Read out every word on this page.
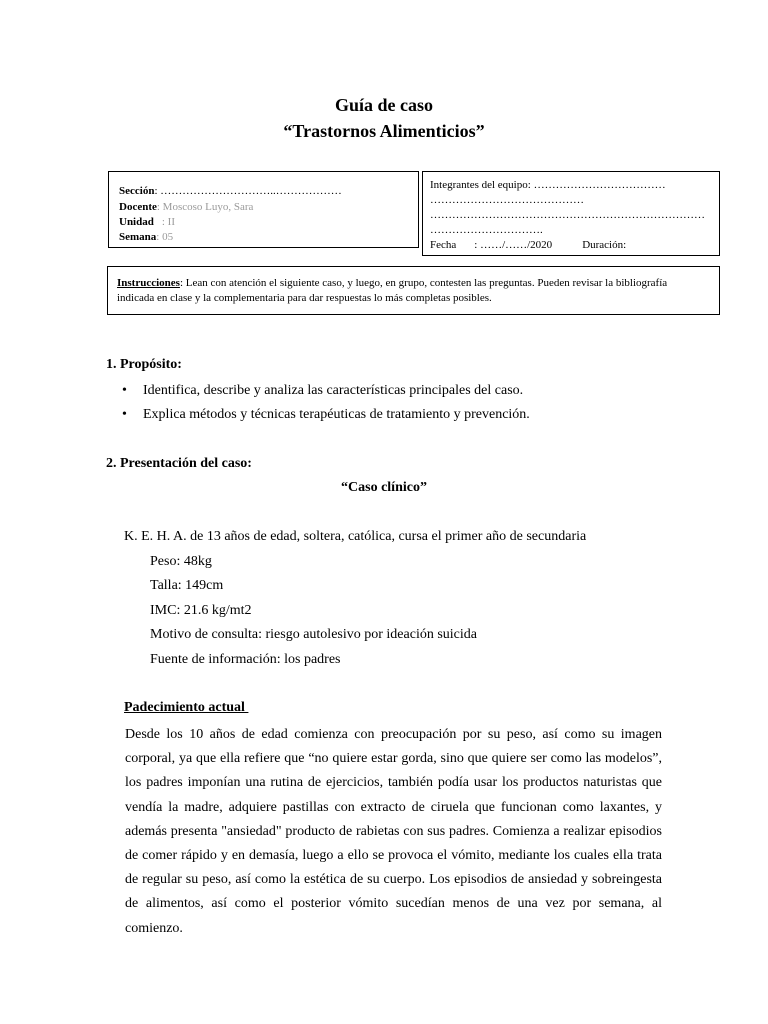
Guía de caso
“Trastornos Alimenticios”
Sección: …………………………..………………
Docente: Moscoso Luyo, Sara
Unidad : II
Semana: 05
Integrantes del equipo: ………………………………
……………………………………
…………………………………………………………………
………………………….
Fecha : ……/……/2020	Duración:
Instrucciones: Lean con atención el siguiente caso, y luego, en grupo, contesten las preguntas. Pueden revisar la bibliografía
indicada en clase y la complementaria para dar respuestas lo más completas posibles.
1. Propósito:
• Identifica, describe y analiza las características principales del caso.
• Explica métodos y técnicas terapéuticas de tratamiento y prevención.
2. Presentación del caso:
“Caso clínico”
K. E. H. A. de 13 años de edad, soltera, católica, cursa el primer año de secundaria
Peso: 48kg
Talla: 149cm
IMC: 21.6 kg/mt2
Motivo de consulta: riesgo autolesivo por ideación suicida
Fuente de información: los padres
Padecimiento actual
Desde los 10 años de edad comienza con preocupación por su peso, así como su imagen
corporal, ya que ella refiere que “no quiere estar gorda, sino que quiere ser como las modelos”,
los padres imponían una rutina de ejercicios, también podía usar los productos naturistas que
vendía la madre, adquiere pastillas con extracto de ciruela que funcionan como laxantes, y
además presenta "ansiedad" producto de rabietas con sus padres. Comienza a realizar episodios
de comer rápido y en demasía, luego a ello se provoca el vómito, mediante los cuales ella trata
de regular su peso, así como la estética de su cuerpo. Los episodios de ansiedad y sobreingesta
de alimentos, así como el posterior vómito sucedían menos de una vez por semana, al comienzo.
